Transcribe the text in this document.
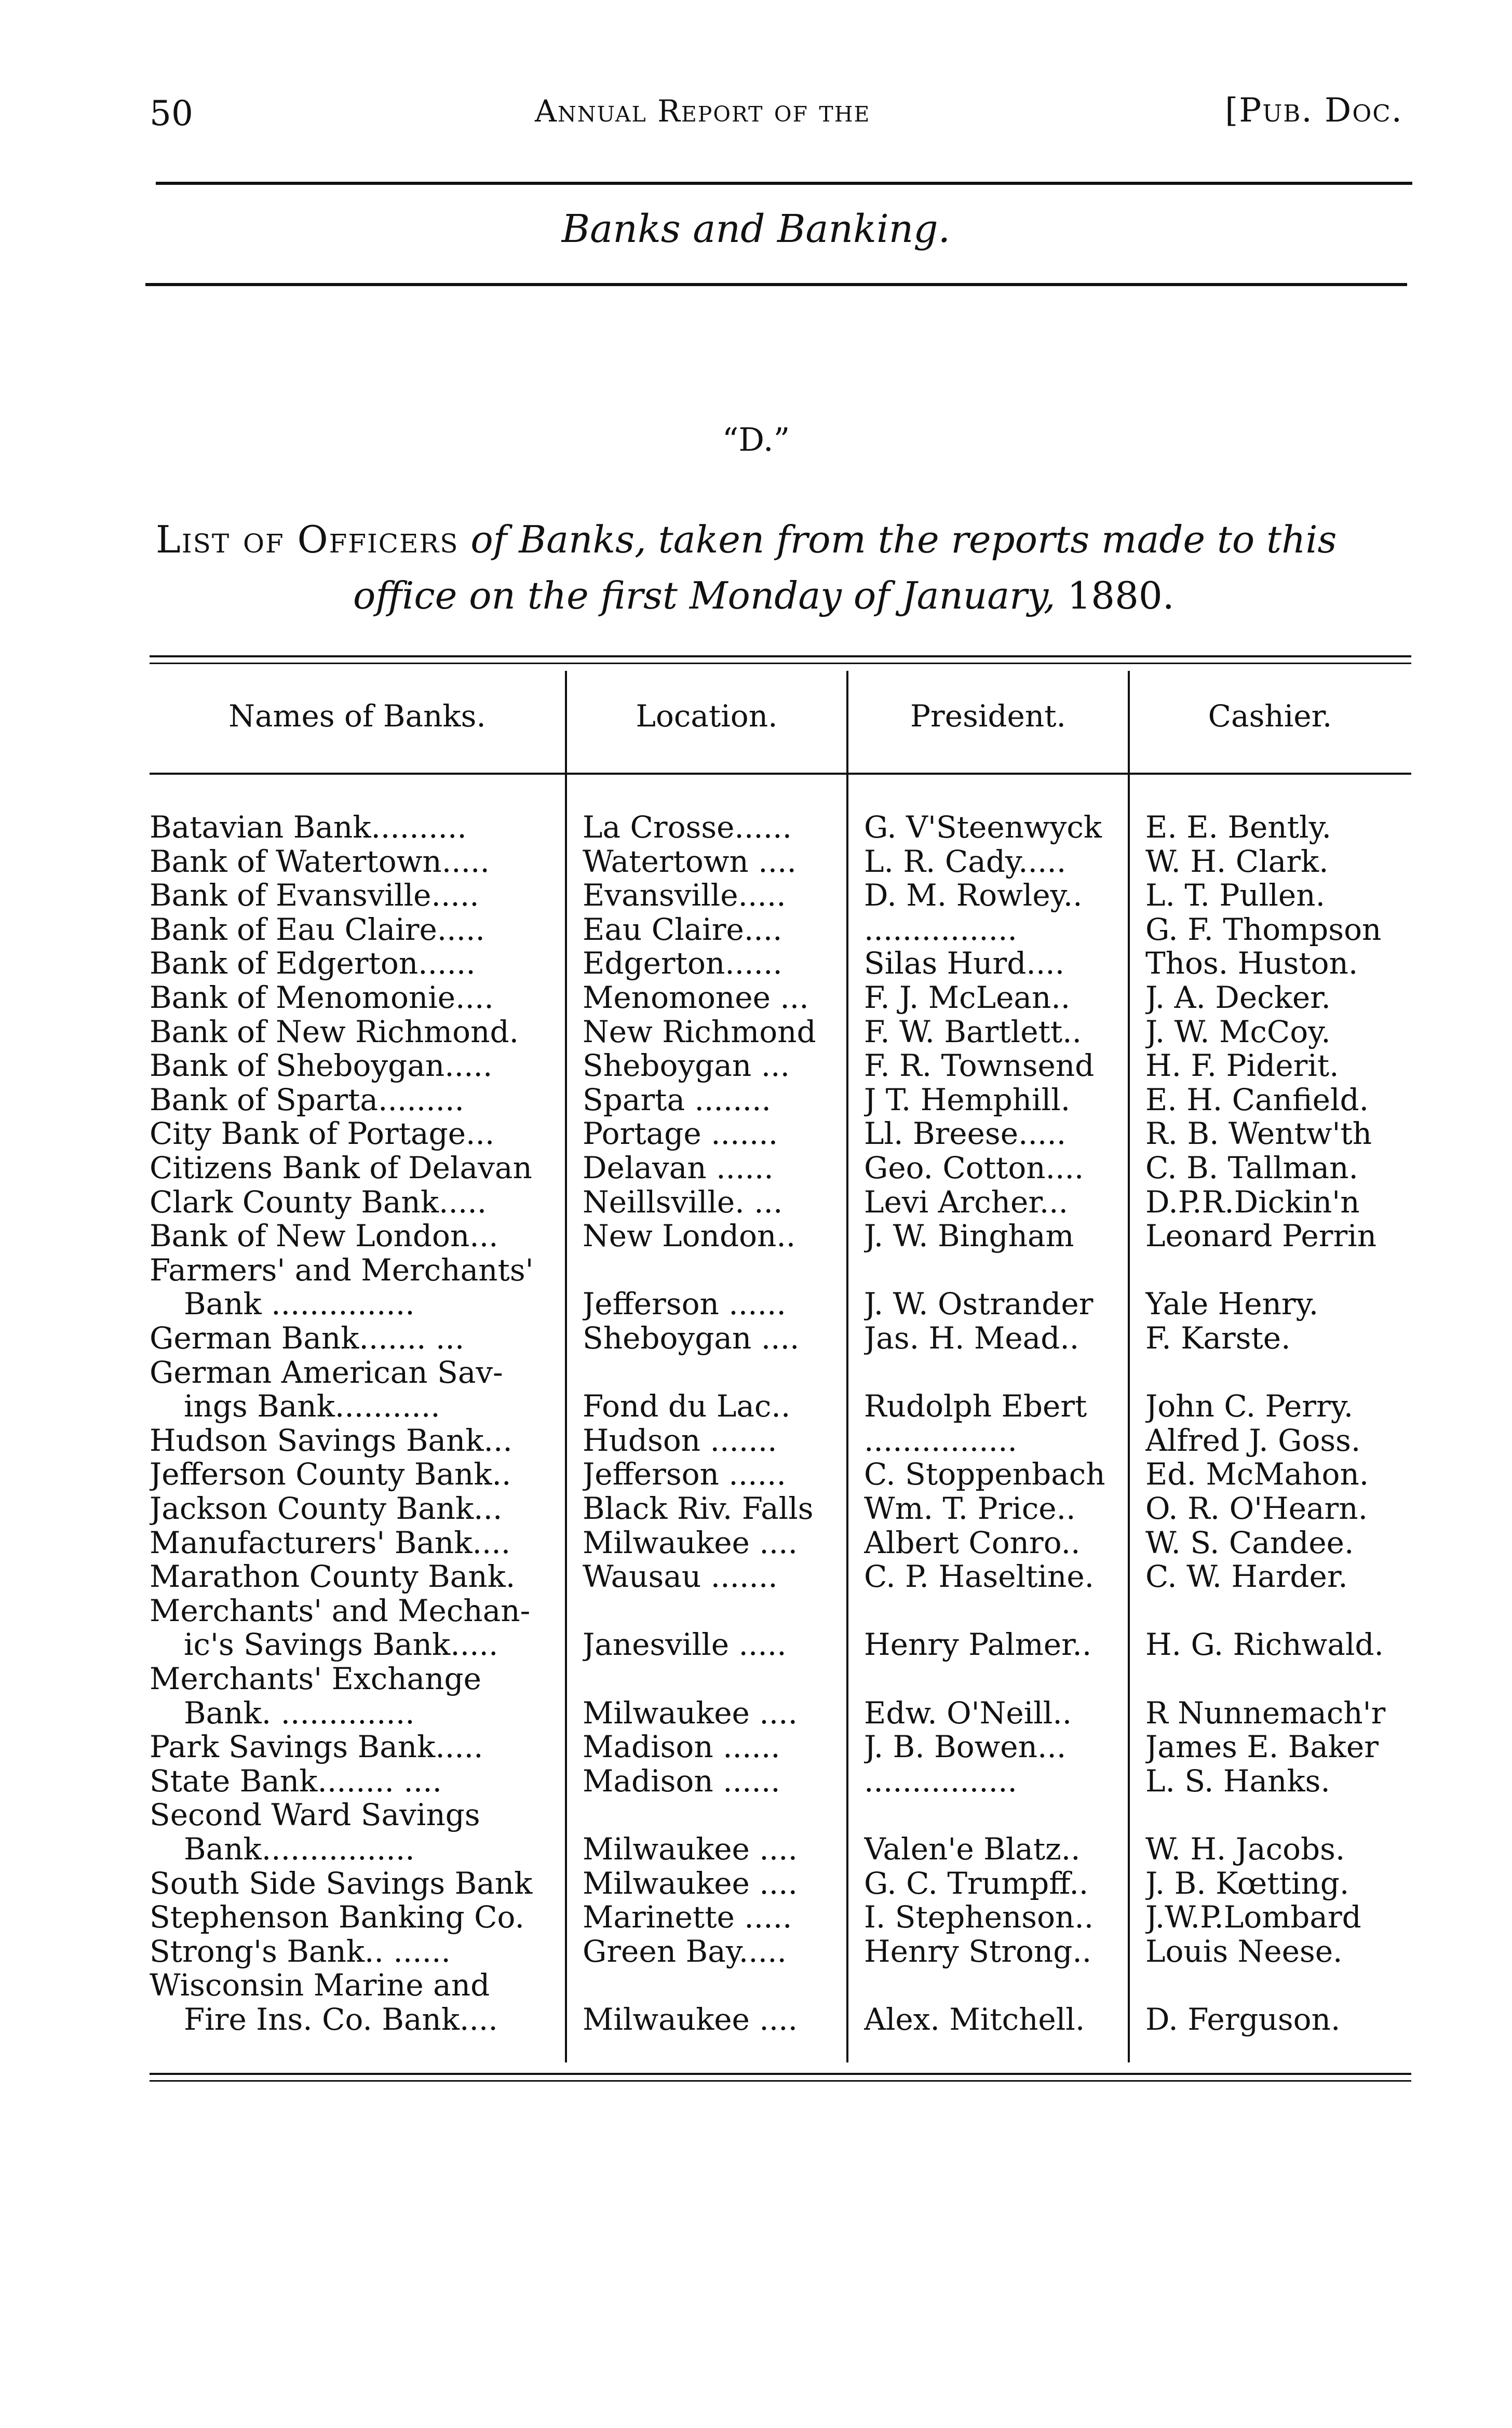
50	Annual Report of the	[Pub. Doc.
Banks and Banking.
“D.”
List of Officers of Banks, taken from the reports made to this
office on the first Monday of January, 1880.
Names of Banks.	Location.	President.	Cashier.
Batavian Bank..........	La Crosse......	G. V'Steenwyck	E. E. Bently.
Bank of Watertown.....	Watertown ....	L. R. Cady.....	W. H. Clark.
Bank of Evansville.....	Evansville.....	D. M. Rowley..	L. T. Pullen.
Bank of Eau Claire.....	Eau Claire....	................	G. F. Thompson
Bank of Edgerton......	Edgerton......	Silas Hurd....	Thos. Huston.
Bank of Menomonie....	Menomonee ...	F. J. McLean..	J. A. Decker.
Bank of New Richmond.	New Richmond	F. W. Bartlett..	J. W. McCoy.
Bank of Sheboygan.....	Sheboygan ...	F. R. Townsend	H. F. Piderit.
Bank of Sparta.........	Sparta ........	J T. Hemphill.	E. H. Canfield.
City Bank of Portage...	Portage .......	Ll. Breese.....	R. B. Wentw'th
Citizens Bank of Delavan	Delavan ......	Geo. Cotton....	C. B. Tallman.
Clark County Bank.....	Neillsville. ...	Levi Archer...	D.P.R.Dickin'n
Bank of New London...	New London..	J. W. Bingham	Leonard Perrin
Farmers' and Merchants'
Bank ...............	Jefferson ......	J. W. Ostrander	Yale Henry.
German Bank....... ...	Sheboygan ....	Jas. H. Mead..	F. Karste.
German American Sav-
ings Bank...........	Fond du Lac..	Rudolph Ebert	John C. Perry.
Hudson Savings Bank...	Hudson .......	................	Alfred J. Goss.
Jefferson County Bank..	Jefferson ......	C. Stoppenbach	Ed. McMahon.
Jackson County Bank...	Black Riv. Falls	Wm. T. Price..	O. R. O'Hearn.
Manufacturers' Bank....	Milwaukee ....	Albert Conro..	W. S. Candee.
Marathon County Bank.	Wausau .......	C. P. Haseltine.	C. W. Harder.
Merchants' and Mechan-
ic's Savings Bank.....	Janesville .....	Henry Palmer..	H. G. Richwald.
Merchants' Exchange
Bank. ..............	Milwaukee ....	Edw. O'Neill..	R Nunnemach'r
Park Savings Bank.....	Madison ......	J. B. Bowen...	James E. Baker
State Bank........ ....	Madison ......	................	L. S. Hanks.
Second Ward Savings
Bank................	Milwaukee ....	Valen'e Blatz..	W. H. Jacobs.
South Side Savings Bank	Milwaukee ....	G. C. Trumpff..	J. B. Kœtting.
Stephenson Banking Co.	Marinette .....	I. Stephenson..	J.W.P.Lombard
Strong's Bank.. ......	Green Bay.....	Henry Strong..	Louis Neese.
Wisconsin Marine and
Fire Ins. Co. Bank....	Milwaukee ....	Alex. Mitchell.	D. Ferguson.
